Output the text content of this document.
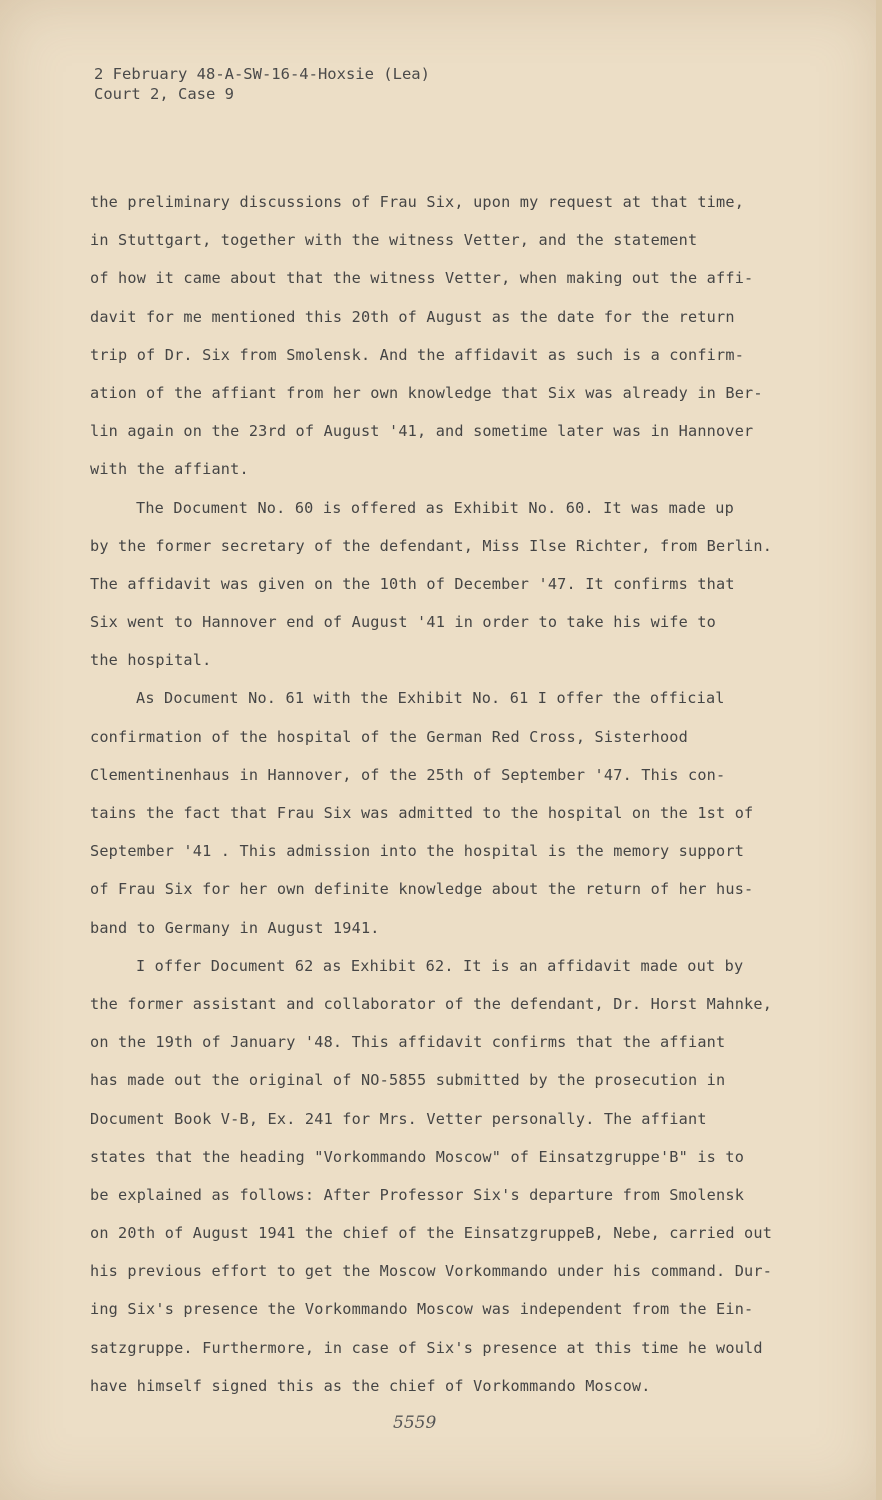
2 February 48-A-SW-16-4-Hoxsie (Lea)
Court 2, Case 9
the preliminary discussions of Frau Six, upon my request at that time,
in Stuttgart, together with the witness Vetter, and the statement
of how it came about that the witness Vetter, when making out the affi-
davit for me mentioned this 20th of August as the date for the return
trip of Dr. Six from Smolensk. And the affidavit as such is a confirm-
ation of the affiant from her own knowledge that Six was already in Ber-
lin again on the 23rd of August '41, and sometime later was in Hannover
with the affiant.
The Document No. 60 is offered as Exhibit No. 60. It was made up
by the former secretary of the defendant, Miss Ilse Richter, from Berlin.
The affidavit was given on the 10th of December '47. It confirms that
Six went to Hannover end of August '41 in order to take his wife to
the hospital.
As Document No. 61 with the Exhibit No. 61 I offer the official
confirmation of the hospital of the German Red Cross, Sisterhood
Clementinenhaus in Hannover, of the 25th of September '47. This con-
tains the fact that Frau Six was admitted to the hospital on the 1st of
September '41 . This admission into the hospital is the memory support
of Frau Six for her own definite knowledge about the return of her hus-
band to Germany in August 1941.
I offer Document 62 as Exhibit 62. It is an affidavit made out by
the former assistant and collaborator of the defendant, Dr. Horst Mahnke,
on the 19th of January '48. This affidavit confirms that the affiant
has made out the original of NO-5855 submitted by the prosecution in
Document Book V-B, Ex. 241 for Mrs. Vetter personally. The affiant
states that the heading "Vorkommando Moscow" of Einsatzgruppe'B" is to
be explained as follows: After Professor Six's departure from Smolensk
on 20th of August 1941 the chief of the EinsatzgruppeB, Nebe, carried out
his previous effort to get the Moscow Vorkommando under his command. Dur-
ing Six's presence the Vorkommando Moscow was independent from the Ein-
satzgruppe. Furthermore, in case of Six's presence at this time he would
have himself signed this as the chief of Vorkommando Moscow.
5559
